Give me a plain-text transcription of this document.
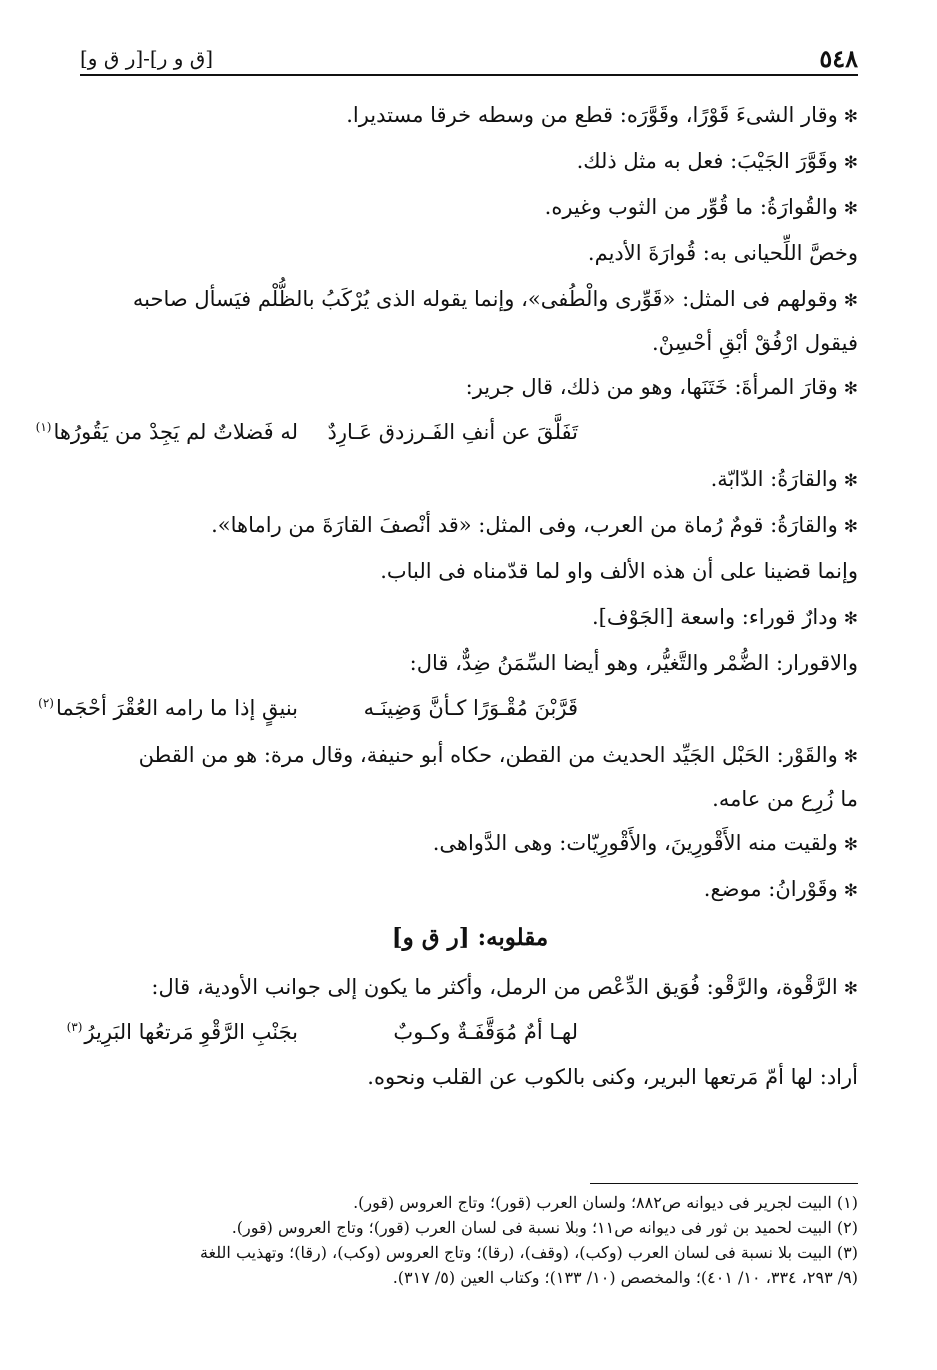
٥٤٨
[ق و ر]-[ر ق و]
✻وقار الشىءَ قَوْرًا، وقَوَّرَه: قطع من وسطه خرقا مستديرا.
✻وقَوَّرَ الجَيْبَ: فعل به مثل ذلك.
✻والقُوارَةُ: ما قُوِّر من الثوب وغيره.
وخصَّ اللِّحيانى به: قُوارَةَ الأديم.
✻وقولهم فى المثل: «قَوِّرى والْطُفى»، وإنما يقوله الذى يُرْكَبُ بالظُّلْم فيَسأل صاحبه
فيقول ارْفُقْ أبْقِ أحْسِنْ.
✻وقارَ المرأةَ: خَتَنَها، وهو من ذلك، قال جرير:
تَفَلَّقَ عن أنفِ الفَـرزدق عَـارِدٌ
له فَضلاتٌ لم يَجِدْ من يَقُورُها$^{(١)}$
✻والقارَةُ: الدّابّة.
✻والقارَةُ: قومٌ رُماة من العرب، وفى المثل: «قد أنْصفَ القارَةَ من راماها».
وإنما قضينا على أن هذه الألف واو لما قدّمناه فى الباب.
✻ودارٌ قوراء: واسعة [الجَوْف].
والاقورار: الضُّمْر والتَّغيُّر، وهو أيضا السِّمَنُ ضِدٌّ، قال:
قَرَّبْنَ مُقْـوَرًا كـأنَّ وَضِينَـه
بنيقٍ إذا ما رامه العُقْرَ أحْجَما$^{(٢)}$
✻والقَوْر: الحَبْل الجَيِّد الحديث من القطن، حكاه أبو حنيفة، وقال مرة: هو من القطن
ما زُرِع من عامه.
✻ولقيت منه الأَقْورِينَ، والأَقْورِيّات: وهى الدَّواهى.
✻وقَوْرانُ: موضع.
مقلوبه: [ر ق و]
✻الرَّقْوة، والرَّقْو: فُوَيق الدِّعْص من الرمل، وأكثر ما يكون إلى جوانب الأودية، قال:
لهـا أمٌ مُوَقَّفَـةٌ وكـوبٌ
بجَنْبِ الرَّقْوِ مَرتعُها البَرِيرُ$^{(٣)}$
أراد: لها أمّ مَرتعها البرير، وكنى بالكوب عن القلب ونحوه.
(١) البيت لجرير فى ديوانه ص٨٨٢؛ ولسان العرب (قور)؛ وتاج العروس (قور).
(٢) البيت لحميد بن ثور فى ديوانه ص١١؛ وبلا نسبة فى لسان العرب (قور)؛ وتاج العروس (قور).
(٣) البيت بلا نسبة فى لسان العرب (وكب)، (وقف)، (رقا)؛ وتاج العروس (وكب)، (رقا)؛ وتهذيب اللغة
(٩/ ٢٩٣، ٣٣٤، ١٠/ ٤٠١)؛ والمخصص (١٠/ ١٣٣)؛ وكتاب العين (٥/ ٣١٧).
